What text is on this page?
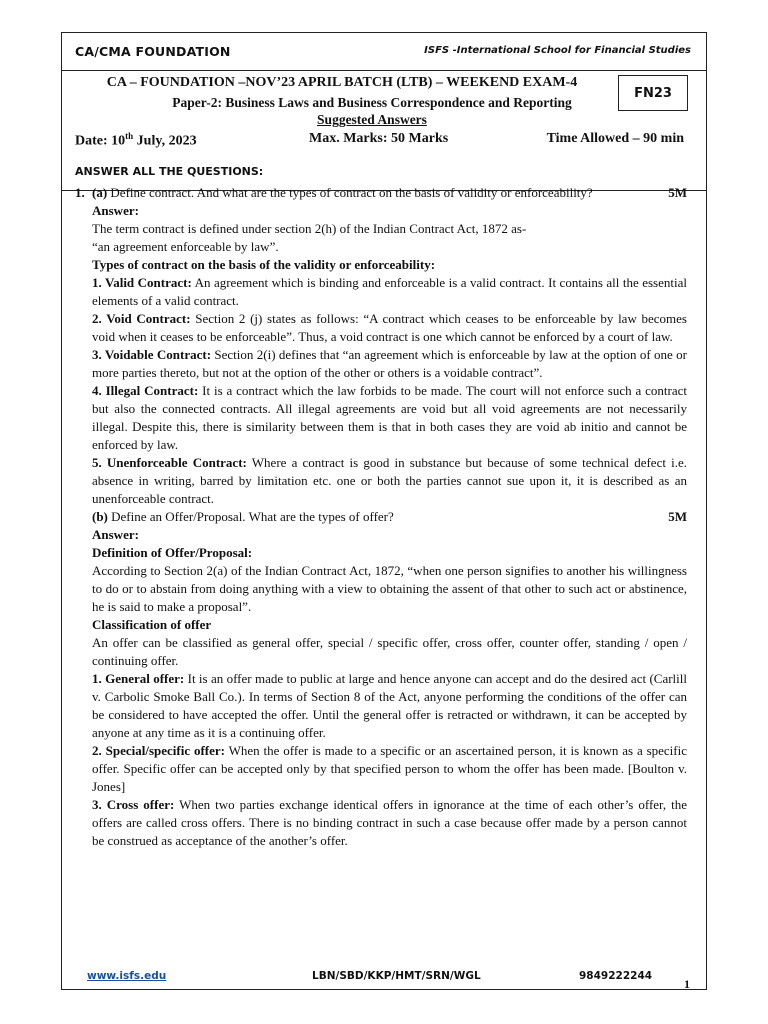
CA/CMA FOUNDATION	ISFS -International School for Financial Studies
CA – FOUNDATION –NOV’23 APRIL BATCH (LTB) – WEEKEND EXAM-4
Paper-2: Business Laws and Business Correspondence and Reporting
Suggested Answers
FN23
Date: 10th July, 2023	Max. Marks: 50 Marks	Time Allowed – 90 min

ANSWER ALL THE QUESTIONS:

1. (a) Define contract. And what are the types of contract on the basis of validity or enforceability?	5M

Answer:

The term contract is defined under section 2(h) of the Indian Contract Act, 1872 as-

“an agreement enforceable by law”.

Types of contract on the basis of the validity or enforceability:

1. Valid Contract: An agreement which is binding and enforceable is a valid contract. It contains all the essential elements of a valid contract.

2. Void Contract: Section 2 (j) states as follows: “A contract which ceases to be enforceable by law becomes void when it ceases to be enforceable”. Thus, a void contract is one which cannot be enforced by a court of law.

3. Voidable Contract: Section 2(i) defines that “an agreement which is enforceable by law at the option of one or more parties thereto, but not at the option of the other or others is a voidable contract”.

4. Illegal Contract: It is a contract which the law forbids to be made. The court will not enforce such a contract but also the connected contracts. All illegal agreements are void but all void agreements are not necessarily illegal. Despite this, there is similarity between them is that in both cases they are void ab initio and cannot be enforced by law.

5. Unenforceable Contract: Where a contract is good in substance but because of some technical defect i.e. absence in writing, barred by limitation etc. one or both the parties cannot sue upon it, it is described as an unenforceable contract.

(b) Define an Offer/Proposal. What are the types of offer?	5M

Answer:

Definition of Offer/Proposal:

According to Section 2(a) of the Indian Contract Act, 1872, “when one person signifies to another his willingness to do or to abstain from doing anything with a view to obtaining the assent of that other to such act or abstinence, he is said to make a proposal”.

Classification of offer

An offer can be classified as general offer, special / specific offer, cross offer, counter offer, standing / open / continuing offer.

1. General offer: It is an offer made to public at large and hence anyone can accept and do the desired act (Carlill v. Carbolic Smoke Ball Co.). In terms of Section 8 of the Act, anyone performing the conditions of the offer can be considered to have accepted the offer. Until the general offer is retracted or withdrawn, it can be accepted by anyone at any time as it is a continuing offer.

2. Special/specific offer: When the offer is made to a specific or an ascertained person, it is known as a specific offer. Specific offer can be accepted only by that specified person to whom the offer has been made. [Boulton v. Jones]

3. Cross offer: When two parties exchange identical offers in ignorance at the time of each other’s offer, the offers are called cross offers. There is no binding contract in such a case because offer made by a person cannot be construed as acceptance of the another’s offer.

www.isfs.edu	LBN/SBD/KKP/HMT/SRN/WGL	9849222244
1
